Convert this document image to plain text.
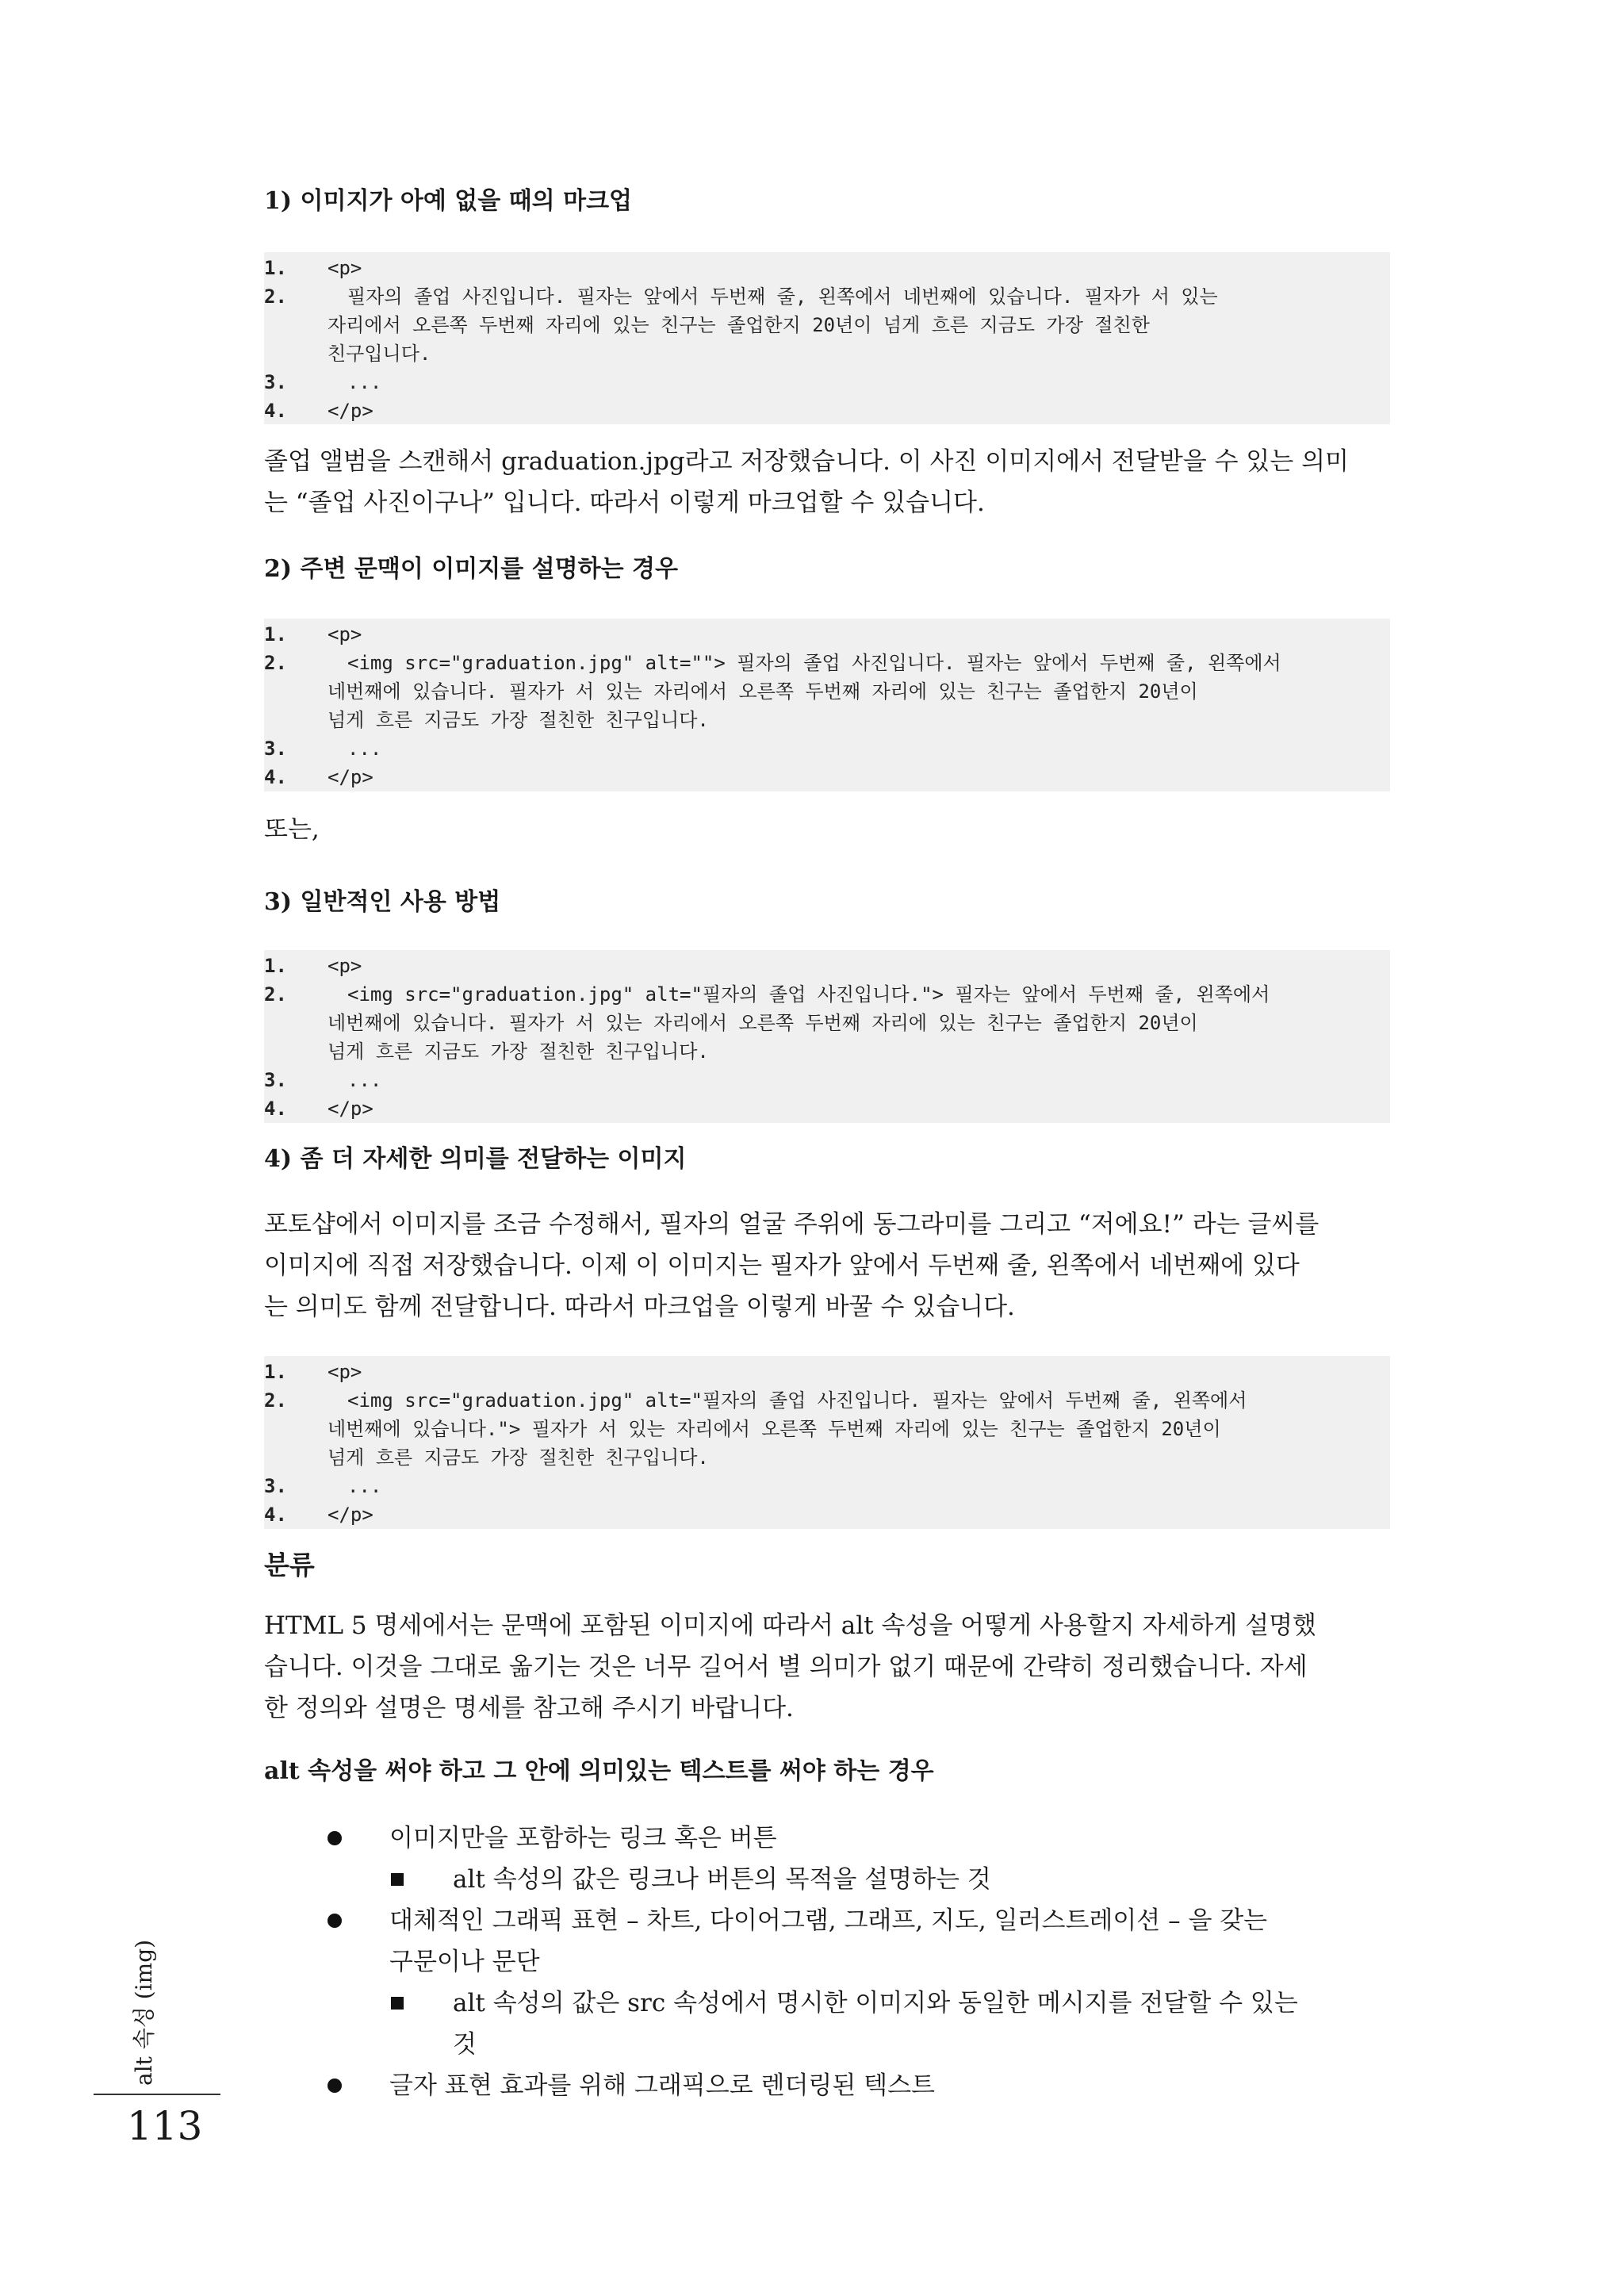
1) 이미지가 아예 없을 때의 마크업
1.	<p>
2.	필자의 졸업 사진입니다. 필자는 앞에서 두번째 줄, 왼쪽에서 네번째에 있습니다. 필자가 서 있는
자리에서 오른쪽 두번째 자리에 있는 친구는 졸업한지 20년이 넘게 흐른 지금도 가장 절친한
친구입니다.
3.	...
4.	</p>
졸업 앨범을 스캔해서 graduation.jpg라고 저장했습니다. 이 사진 이미지에서 전달받을 수 있는 의미
는 “졸업 사진이구나” 입니다. 따라서 이렇게 마크업할 수 있습니다.
2) 주변 문맥이 이미지를 설명하는 경우
1.	<p>
2.	<img src="graduation.jpg" alt=""> 필자의 졸업 사진입니다. 필자는 앞에서 두번째 줄, 왼쪽에서
네번째에 있습니다. 필자가 서 있는 자리에서 오른쪽 두번째 자리에 있는 친구는 졸업한지 20년이
넘게 흐른 지금도 가장 절친한 친구입니다.
3.	...
4.	</p>
또는,
3) 일반적인 사용 방법
1.	<p>
2.	<img src="graduation.jpg" alt="필자의 졸업 사진입니다."> 필자는 앞에서 두번째 줄, 왼쪽에서
네번째에 있습니다. 필자가 서 있는 자리에서 오른쪽 두번째 자리에 있는 친구는 졸업한지 20년이
넘게 흐른 지금도 가장 절친한 친구입니다.
3.	...
4.	</p>
4) 좀 더 자세한 의미를 전달하는 이미지
포토샵에서 이미지를 조금 수정해서, 필자의 얼굴 주위에 동그라미를 그리고 “저에요!” 라는 글씨를
이미지에 직접 저장했습니다. 이제 이 이미지는 필자가 앞에서 두번째 줄, 왼쪽에서 네번째에 있다
는 의미도 함께 전달합니다. 따라서 마크업을 이렇게 바꿀 수 있습니다.
1.	<p>
2.	<img src="graduation.jpg" alt="필자의 졸업 사진입니다. 필자는 앞에서 두번째 줄, 왼쪽에서
네번째에 있습니다."> 필자가 서 있는 자리에서 오른쪽 두번째 자리에 있는 친구는 졸업한지 20년이
넘게 흐른 지금도 가장 절친한 친구입니다.
3.	...
4.	</p>
분류
HTML 5 명세에서는 문맥에 포함된 이미지에 따라서 alt 속성을 어떻게 사용할지 자세하게 설명했
습니다. 이것을 그대로 옮기는 것은 너무 길어서 별 의미가 없기 때문에 간략히 정리했습니다. 자세
한 정의와 설명은 명세를 참고해 주시기 바랍니다.
alt 속성을 써야 하고 그 안에 의미있는 텍스트를 써야 하는 경우
이미지만을 포함하는 링크 혹은 버튼
alt 속성의 값은 링크나 버튼의 목적을 설명하는 것
대체적인 그래픽 표현 – 차트, 다이어그램, 그래프, 지도, 일러스트레이션 – 을 갖는
구문이나 문단
alt 속성의 값은 src 속성에서 명시한 이미지와 동일한 메시지를 전달할 수 있는
것
글자 표현 효과를 위해 그래픽으로 렌더링된 텍스트
alt 속성 (img)
113
